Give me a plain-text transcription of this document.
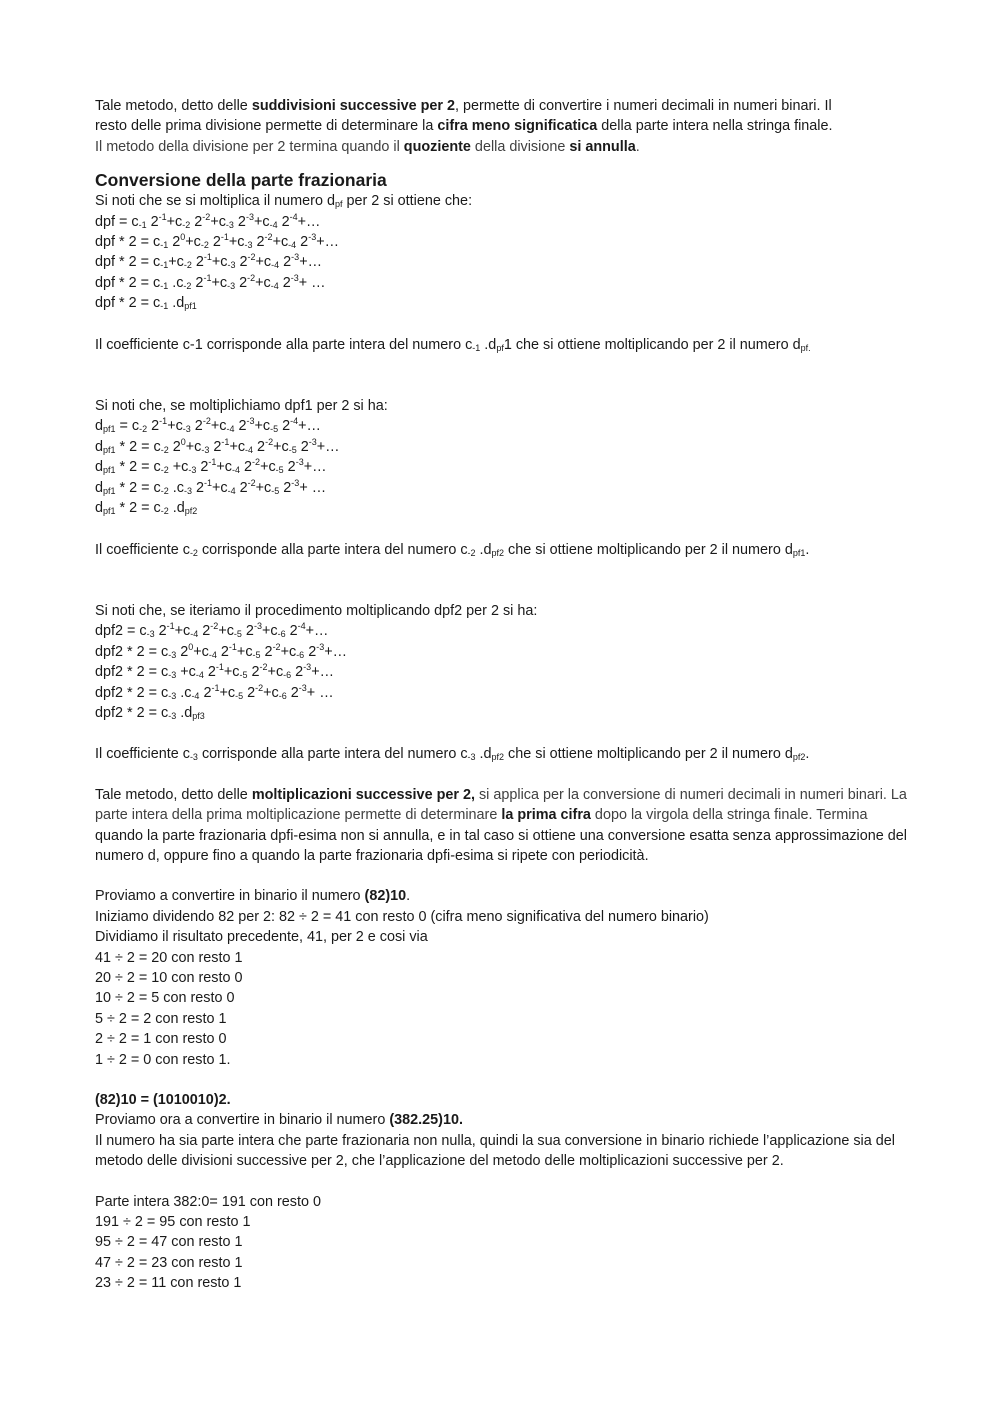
Tale metodo, detto delle suddivisioni successive per 2, permette di convertire i numeri decimali in numeri binari. Il
resto delle prima divisione permette di determinare la cifra meno significatica della parte intera nella stringa finale.
Il metodo della divisione per 2 termina quando il quoziente della divisione si annulla.

Conversione della parte frazionaria

Si noti che se si moltiplica il numero $d_{pf}$ per 2 si ottiene che:

dpf = $c_{-1}$ $2^{-1}+c_{-2}$ $2^{-2}+c_{-3}$ $2^{-3}+c_{-4}$ $2^{-4}+\dots$

dpf * $2 = c_{-1}$ $2^0+c_{-2}$ $2^{-1}+c_{-3}$ $2^{-2}+c_{-4}$ $2^{-3}+\dots$

dpf * $2 = c_{-1}+c_{-2}$ $2^{-1}+c_{-3}$ $2^{-2}+c_{-4}$ $2^{-3}+\dots$

dpf * $2 = c_{-1}$ $.c_{-2}$ $2^{-1}+c_{-3}$ $2^{-2}+c_{-4}$ $2^{-3}+$ …

dpf * $2 = c_{-1}$ $.d_{pf1}$

Il coefficiente c-1 corrisponde alla parte intera del numero $c_{-1}$ $.d_{pf}1$ che si ottiene moltiplicando per 2 il numero $d_{pf.}$

Si noti che, se moltiplichiamo dpf1 per 2 si ha:

$d_{pf1} = c_{-2}$ $2^{-1}+c_{-3}$ $2^{-2}+c_{-4}$ $2^{-3}+c_{-5}$ $2^{-4}+\dots$

$d_{pf1} * 2 = c_{-2}$ $2^0+c_{-3}$ $2^{-1}+c_{-4}$ $2^{-2}+c_{-5}$ $2^{-3}+\dots$

$d_{pf1} * 2 = c_{-2} +c_{-3}$ $2^{-1}+c_{-4}$ $2^{-2}+c_{-5}$ $2^{-3}+\dots$

$d_{pf1} * 2 = c_{-2}$ $.c_{-3}$ $2^{-1}+c_{-4}$ $2^{-2}+c_{-5}$ $2^{-3}+$ …

$d_{pf1} * 2 = c_{-2}$ $.d_{pf2}$

Il coefficiente $c_{-2}$ corrisponde alla parte intera del numero $c_{-2}$ $.d_{pf2}$ che si ottiene moltiplicando per 2 il numero $d_{pf1}$.

Si noti che, se iteriamo il procedimento moltiplicando dpf2 per 2 si ha:

$dpf2 = c_{-3}$ $2^{-1}+c_{-4}$ $2^{-2}+c_{-5}$ $2^{-3}+c_{-6}$ $2^{-4}+\dots$

$dpf2 * 2 = c_{-3}$ $2^0+c_{-4}$ $2^{-1}+c_{-5}$ $2^{-2}+c_{-6}$ $2^{-3}+\dots$

$dpf2 * 2 = c_{-3} +c_{-4}$ $2^{-1}+c_{-5}$ $2^{-2}+c_{-6}$ $2^{-3}+\dots$

$dpf2 * 2 = c_{-3}$ $.c_{-4}$ $2^{-1}+c_{-5}$ $2^{-2}+c_{-6}$ $2^{-3}+$ …

$dpf2 * 2 = c_{-3}$ $.d_{pf3}$

Il coefficiente $c_{-3}$ corrisponde alla parte intera del numero $c_{-3}$ $.d_{pf2}$ che si ottiene moltiplicando per 2 il numero $d_{pf2}$.

Tale metodo, detto delle moltiplicazioni successive per 2, si applica per la conversione di numeri decimali in numeri binari. La parte intera della prima moltiplicazione permette di determinare la prima cifra dopo la virgola della stringa finale. Termina quando la parte frazionaria dpfi-esima non si annulla, e in tal caso si ottiene una conversione esatta senza approssimazione del numero d, oppure fino a quando la parte frazionaria dpfi-esima si ripete con periodicità.

Proviamo a convertire in binario il numero (82)10.

Iniziamo dividendo 82 per 2: 82 ÷ 2 = 41 con resto 0 (cifra meno significativa del numero binario)

Dividiamo il risultato precedente, 41, per 2 e cosi via

41 ÷ 2 = 20 con resto 1

20 ÷ 2 = 10 con resto 0

10 ÷ 2 = 5 con resto 0

5 ÷ 2 = 2 con resto 1

2 ÷ 2 = 1 con resto 0

1 ÷ 2 = 0 con resto 1.

(82)10 = (1010010)2.

Proviamo ora a convertire in binario il numero (382.25)10.

Il numero ha sia parte intera che parte frazionaria non nulla, quindi la sua conversione in binario richiede l’applicazione sia del metodo delle divisioni successive per 2, che l’applicazione del metodo delle moltiplicazioni successive per 2.

Parte intera 382:0= 191 con resto 0

191 ÷ 2 = 95 con resto 1

95 ÷ 2 = 47 con resto 1

47 ÷ 2 = 23 con resto 1

23 ÷ 2 = 11 con resto 1
